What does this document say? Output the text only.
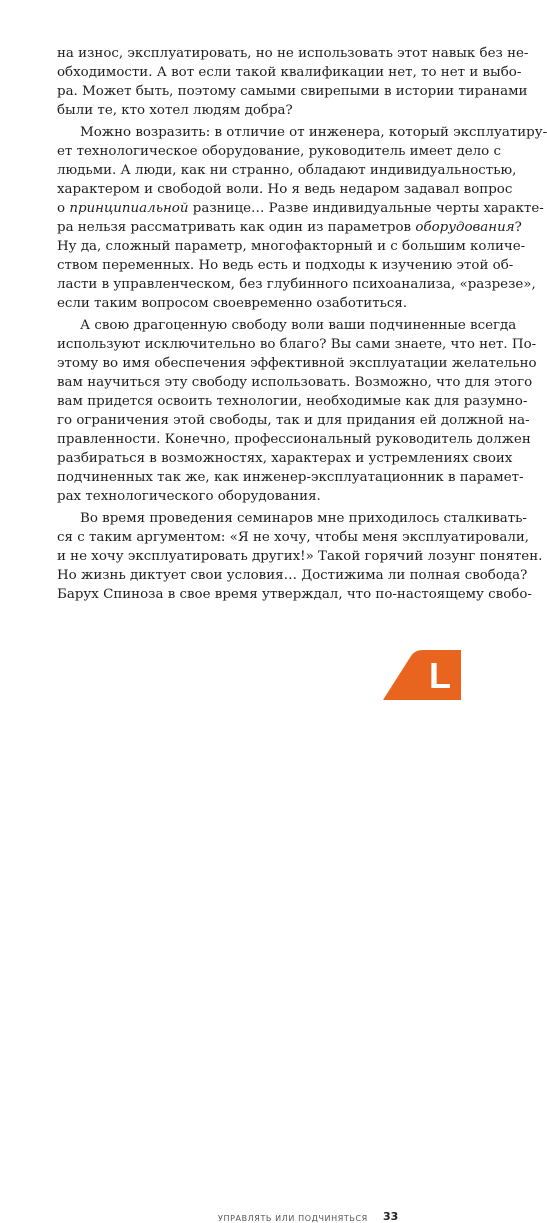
на износ, эксплуатировать, но не использовать этот навык без не-
обходимости. А вот если такой квалификации нет, то нет и выбо-
ра. Может быть, поэтому самыми свирепыми в истории тиранами
были те, кто хотел людям добра?
Можно возразить: в отличие от инженера, который эксплуатиру-
ет технологическое оборудование, руководитель имеет дело с
людьми. А люди, как ни странно, обладают индивидуальностью,
характером и свободой воли. Но я ведь недаром задавал вопрос
о принципиальной разнице… Разве индивидуальные черты характе-
ра нельзя рассматривать как один из параметров оборудования?
Ну да, сложный параметр, многофакторный и с большим количе-
ством переменных. Но ведь есть и подходы к изучению этой об-
ласти в управленческом, без глубинного психоанализа, «разрезе»,
если таким вопросом своевременно озаботиться.
А свою драгоценную свободу воли ваши подчиненные всегда
используют исключительно во благо? Вы сами знаете, что нет. По-
этому во имя обеспечения эффективной эксплуатации желательно
вам научиться эту свободу использовать. Возможно, что для этого
вам придется освоить технологии, необходимые как для разумно-
го ограничения этой свободы, так и для придания ей должной на-
правленности. Конечно, профессиональный руководитель должен
разбираться в возможностях, характерах и устремлениях своих
подчиненных так же, как инженер-эксплуатационник в парамет-
рах технологического оборудования.
Во время проведения семинаров мне приходилось сталкивать-
ся с таким аргументом: «Я не хочу, чтобы меня эксплуатировали,
и не хочу эксплуатировать других!» Такой горячий лозунг понятен.
Но жизнь диктует свои условия… Достижима ли полная свобода?
Барух Спиноза в свое время утверждал, что по-настоящему свобо-
УПРАВЛЯТЬ ИЛИ ПОДЧИНЯТЬСЯ 33
L
